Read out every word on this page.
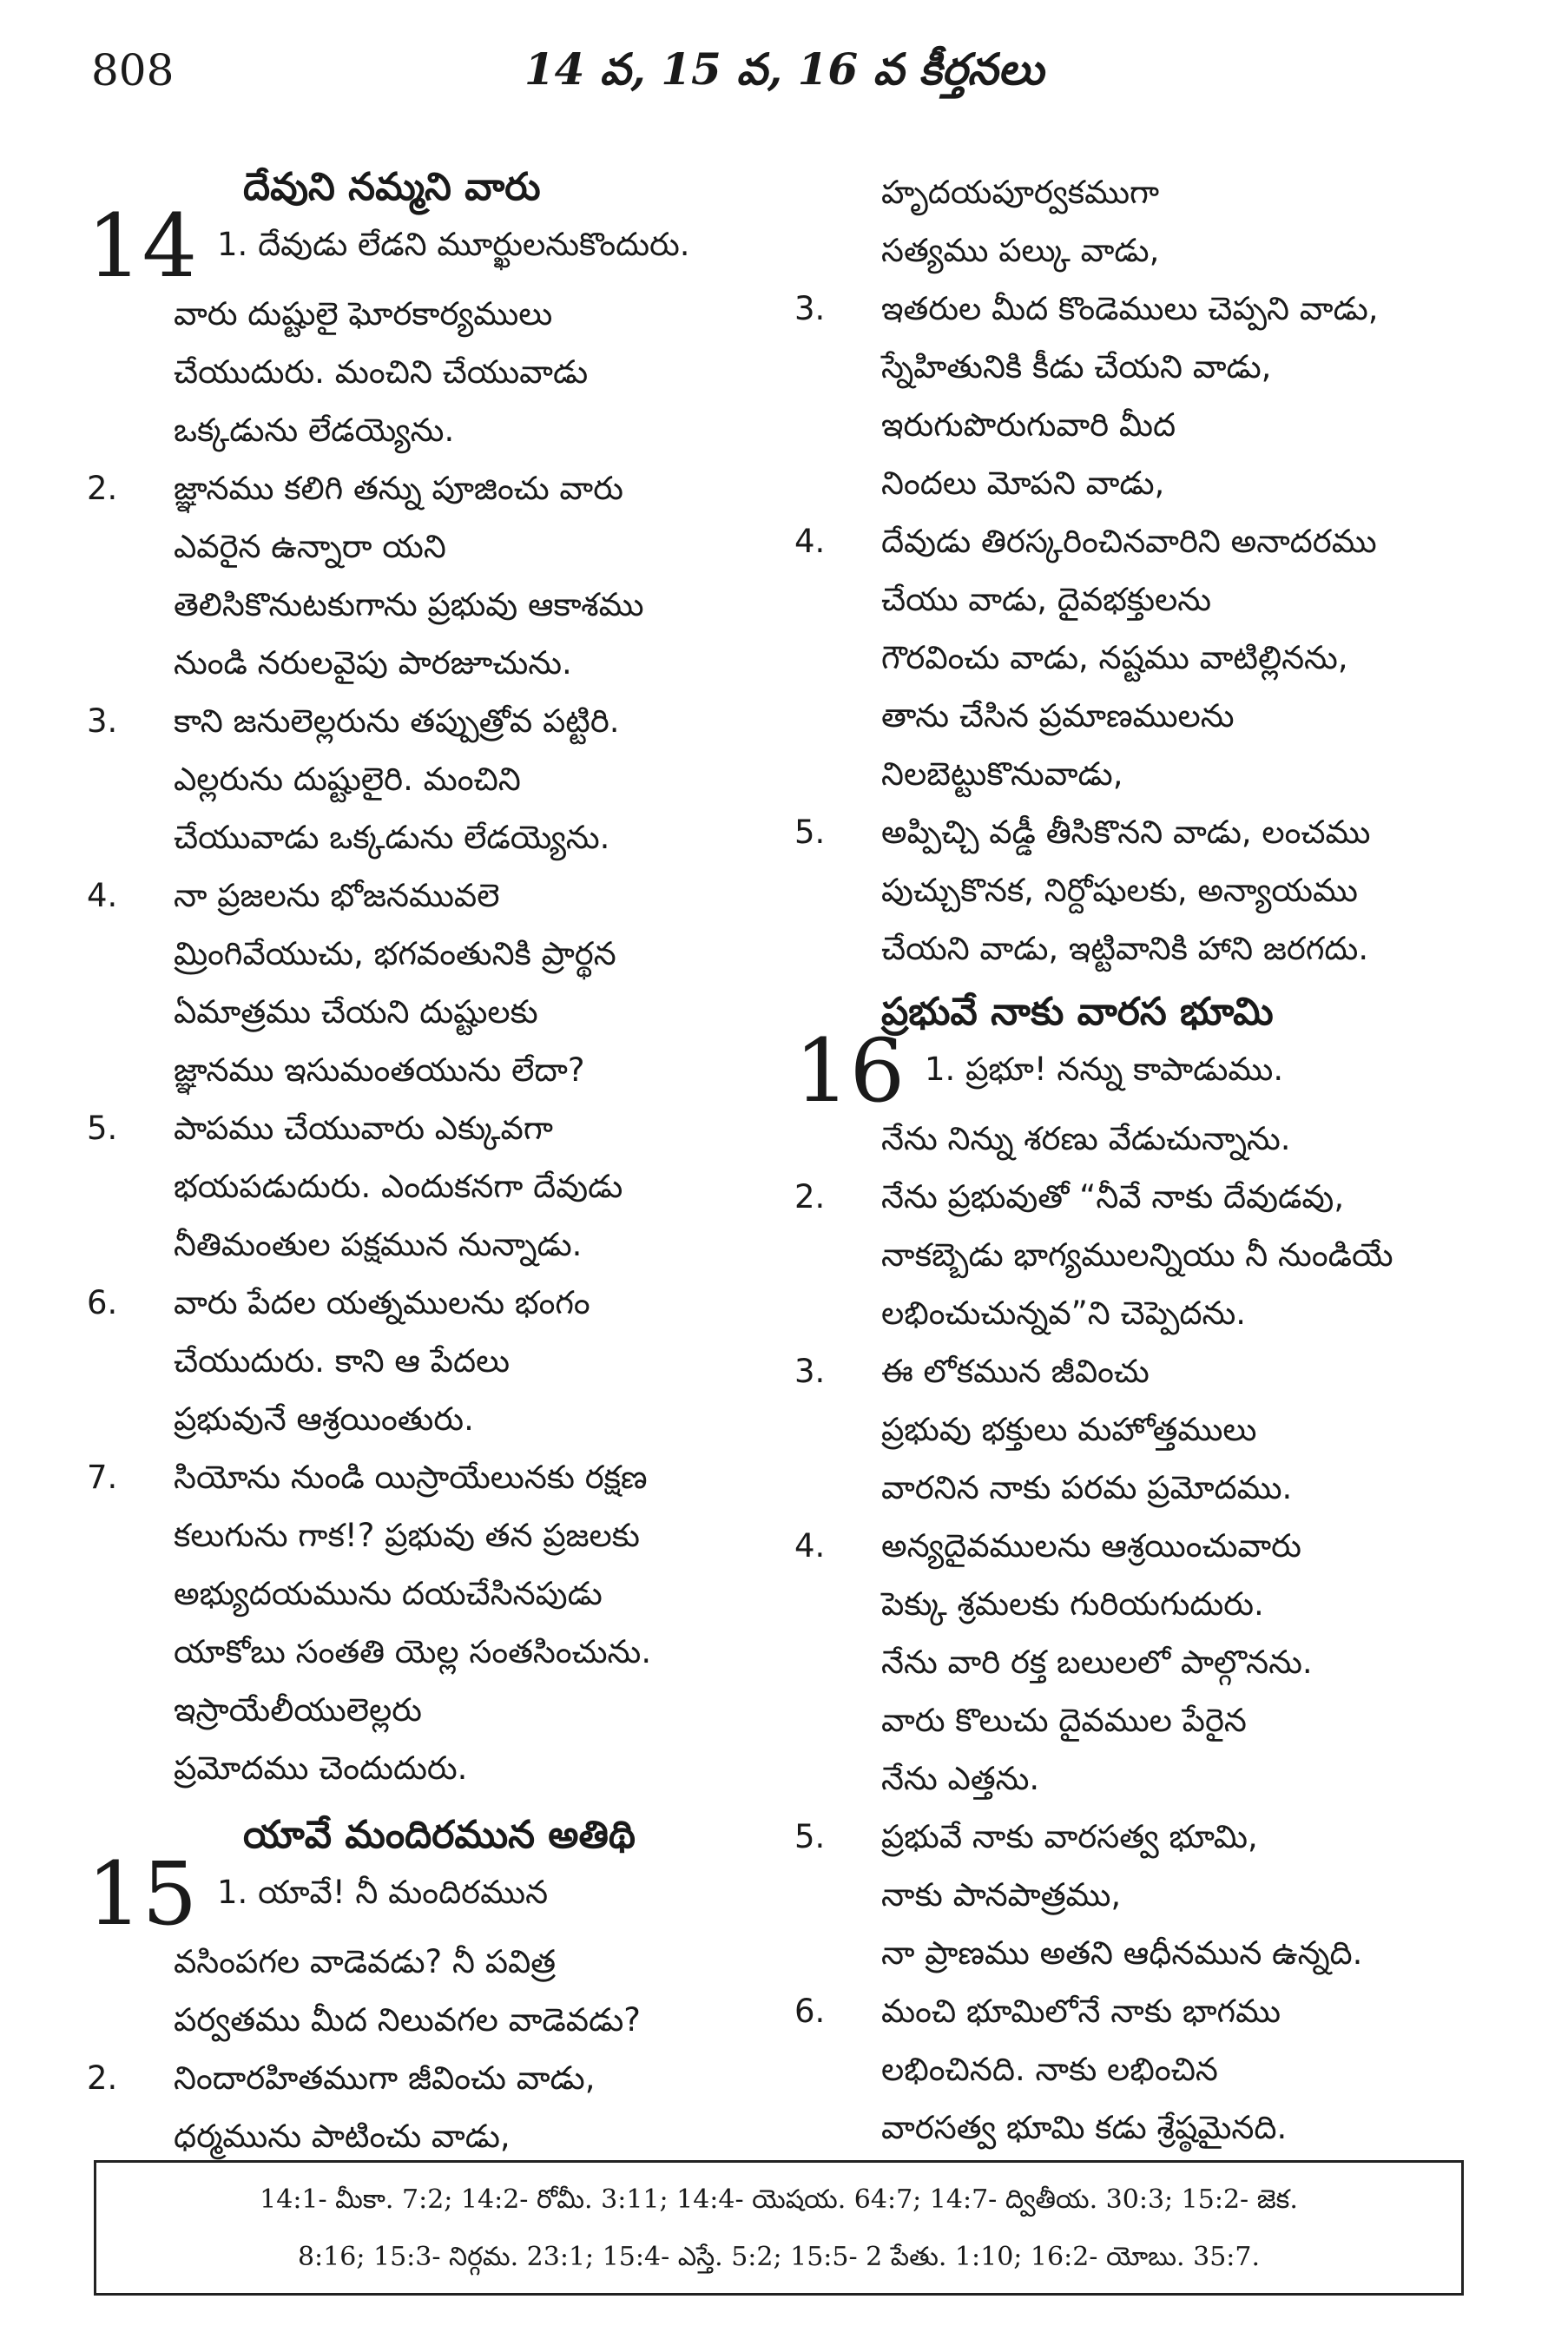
808	14 వ, 15 వ, 16 వ కీర్తనలు
దేవుని నమ్మని వారు
14 1. దేవుడు లేడని మూర్ఖులనుకొందురు.
వారు దుష్టులై ఘోరకార్యములు
చేయుదురు. మంచిని చేయువాడు
ఒక్కడును లేడయ్యెను.
2.	జ్ఞానము కలిగి తన్ను పూజించు వారు
ఎవరైన ఉన్నారా యని
తెలిసికొనుటకుగాను ప్రభువు ఆకాశము
నుండి నరులవైపు పారజూచును.
3.	కాని జనులెల్లరును తప్పుత్రోవ పట్టిరి.
ఎల్లరును దుష్టులైరి. మంచిని
చేయువాడు ఒక్కడును లేడయ్యెను.
4.	నా ప్రజలను భోజనమువలె
మ్రింగివేయుచు, భగవంతునికి ప్రార్థన
ఏమాత్రము చేయని దుష్టులకు
జ్ఞానము ఇసుమంతయును లేదా?
5.	పాపము చేయువారు ఎక్కువగా
భయపడుదురు. ఎందుకనగా దేవుడు
నీతిమంతుల పక్షమున నున్నాడు.
6.	వారు పేదల యత్నములను భంగం
చేయుదురు. కాని ఆ పేదలు
ప్రభువునే ఆశ్రయింతురు.
7.	సియోను నుండి యిస్రాయేలునకు రక్షణ
కలుగును గాక!? ప్రభువు తన ప్రజలకు
అభ్యుదయమును దయచేసినపుడు
యాకోబు సంతతి యెల్ల సంతసించును.
ఇస్రాయేలీయులెల్లరు
ప్రమోదము చెందుదురు.
యావే మందిరమున అతిథి
15 1. యావే! నీ మందిరమున
వసింపగల వాడెవడు? నీ పవిత్ర
పర్వతము మీద నిలువగల వాడెవడు?
2.	నిందారహితముగా జీవించు వాడు,
ధర్మమును పాటించు వాడు,
హృదయపూర్వకముగా
సత్యము పల్కు వాడు,
3.	ఇతరుల మీద కొండెములు చెప్పని వాడు,
స్నేహితునికి కీడు చేయని వాడు,
ఇరుగుపొరుగువారి మీద
నిందలు మోపని వాడు,
4.	దేవుడు తిరస్కరించినవారిని అనాదరము
చేయు వాడు, దైవభక్తులను
గౌరవించు వాడు, నష్టము వాటిల్లినను,
తాను చేసిన ప్రమాణములను
నిలబెట్టుకొనువాడు,
5.	అప్పిచ్చి వడ్డీ తీసికొనని వాడు, లంచము
పుచ్చుకొనక, నిర్దోషులకు, అన్యాయము
చేయని వాడు, ఇట్టివానికి హాని జరగదు.
ప్రభువే నాకు వారస భూమి
16 1. ప్రభూ! నన్ను కాపాడుము.
నేను నిన్ను శరణు వేడుచున్నాను.
2.	నేను ప్రభువుతో “నీవే నాకు దేవుడవు,
నాకబ్బెడు భాగ్యములన్నియు నీ నుండియే
లభించుచున్నవ”ని చెప్పెదను.
3.	ఈ లోకమున జీవించు
ప్రభువు భక్తులు మహోత్తములు
వారనిన నాకు పరమ ప్రమోదము.
4.	అన్యదైవములను ఆశ్రయించువారు
పెక్కు శ్రమలకు గురియగుదురు.
నేను వారి రక్త బలులలో పాల్గొనను.
వారు కొలుచు దైవముల పేరైన
నేను ఎత్తను.
5.	ప్రభువే నాకు వారసత్వ భూమి,
నాకు పానపాత్రము,
నా ప్రాణము అతని ఆధీనమున ఉన్నది.
6.	మంచి భూమిలోనే నాకు భాగము
లభించినది. నాకు లభించిన
వారసత్వ భూమి కడు శ్రేష్ఠమైనది.
14:1- మీకా. 7:2; 14:2- రోమీ. 3:11; 14:4- యెషయ. 64:7; 14:7- ద్వితీయ. 30:3; 15:2- జెక.
8:16; 15:3- నిర్గమ. 23:1; 15:4- ఎస్తే. 5:2; 15:5- 2 పేతు. 1:10; 16:2- యోబు. 35:7.
